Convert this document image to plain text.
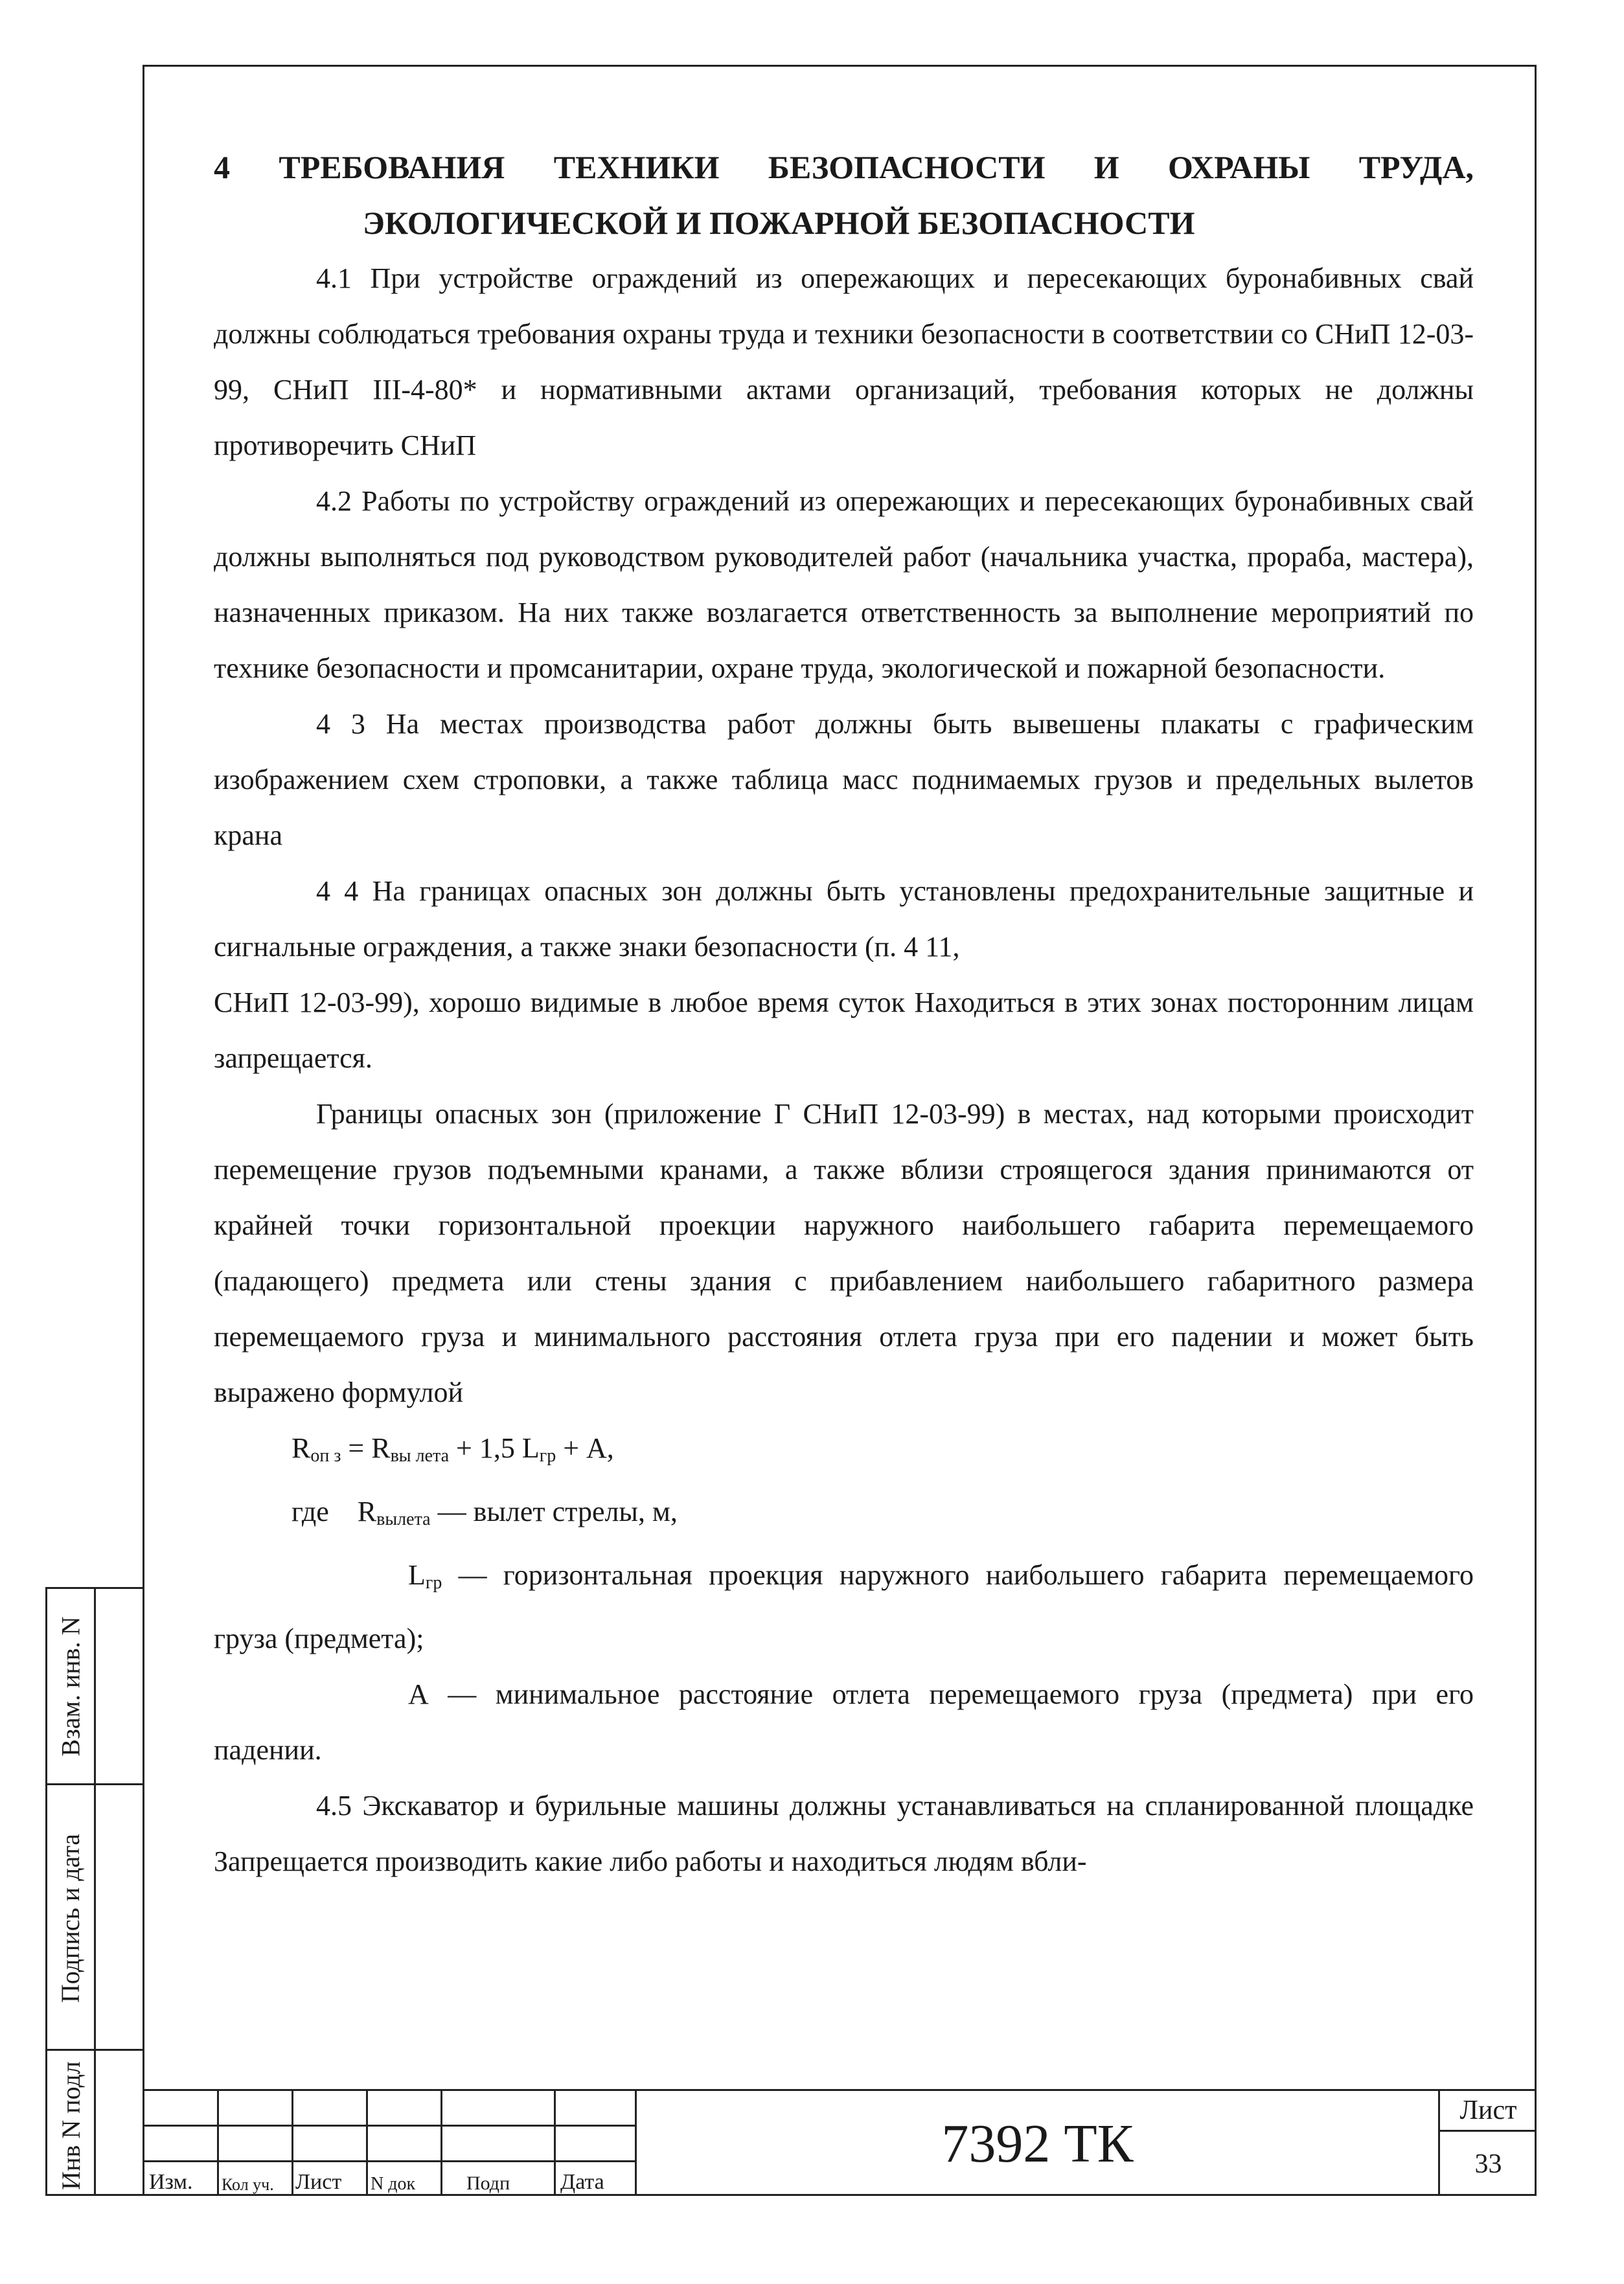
4 ТРЕБОВАНИЯ ТЕХНИКИ БЕЗОПАСНОСТИ И ОХРАНЫ ТРУДА,
ЭКОЛОГИЧЕСКОЙ И ПОЖАРНОЙ БЕЗОПАСНОСТИ

4.1 При устройстве ограждений из опережающих и пересекающих буронабивных свай должны соблюдаться требования охраны труда и техники безопасности в соответствии со СНиП 12-03-99, СНиП III-4-80* и нормативными актами организаций, требования которых не должны противоречить СНиП

4.2 Работы по устройству ограждений из опережающих и пересекающих буронабивных свай должны выполняться под руководством руководителей работ (начальника участка, прораба, мастера), назначенных приказом. На них также возлагается ответственность за выполнение мероприятий по технике безопасности и промсанитарии, охране труда, экологической и пожарной безопасности.

4 3 На местах производства работ должны быть вывешены плакаты с графическим изображением схем строповки, а также таблица масс поднимаемых грузов и предельных вылетов крана

4 4 На границах опасных зон должны быть установлены предохранительные защитные и сигнальные ограждения, а также знаки безопасности (п. 4 11,

СНиП 12-03-99), хорошо видимые в любое время суток Находиться в этих зонах посторонним лицам запрещается.

Границы опасных зон (приложение Г СНиП 12-03-99) в местах, над которыми происходит перемещение грузов подъемными кранами, а также вблизи строящегося здания принимаются от крайней точки горизонтальной проекции наружного наибольшего габарита перемещаемого (падающего) предмета или стены здания с прибавлением наибольшего габаритного размера перемещаемого груза и минимального расстояния отлета груза при его падении и может быть выражено формулой

$R_{оп з} = R_{вы лета} + 1,5$ $L_{гр} + A$,

где $R_{вылета}$ — вылет стрелы, м,

$L_{гр}$ — горизонтальная проекция наружного наибольшего габарита перемещаемого груза (предмета);

А — минимальное расстояние отлета перемещаемого груза (предмета) при его падении.

4.5 Экскаватор и бурильные машины должны устанавливаться на спланированной площадке Запрещается производить какие либо работы и находиться людям вбли-

Взам. инв. N
Подпись и дата
Инв N подл	Изм. Кол уч. Лист N док	Подп Дата
7392 ТК
Лист
33
